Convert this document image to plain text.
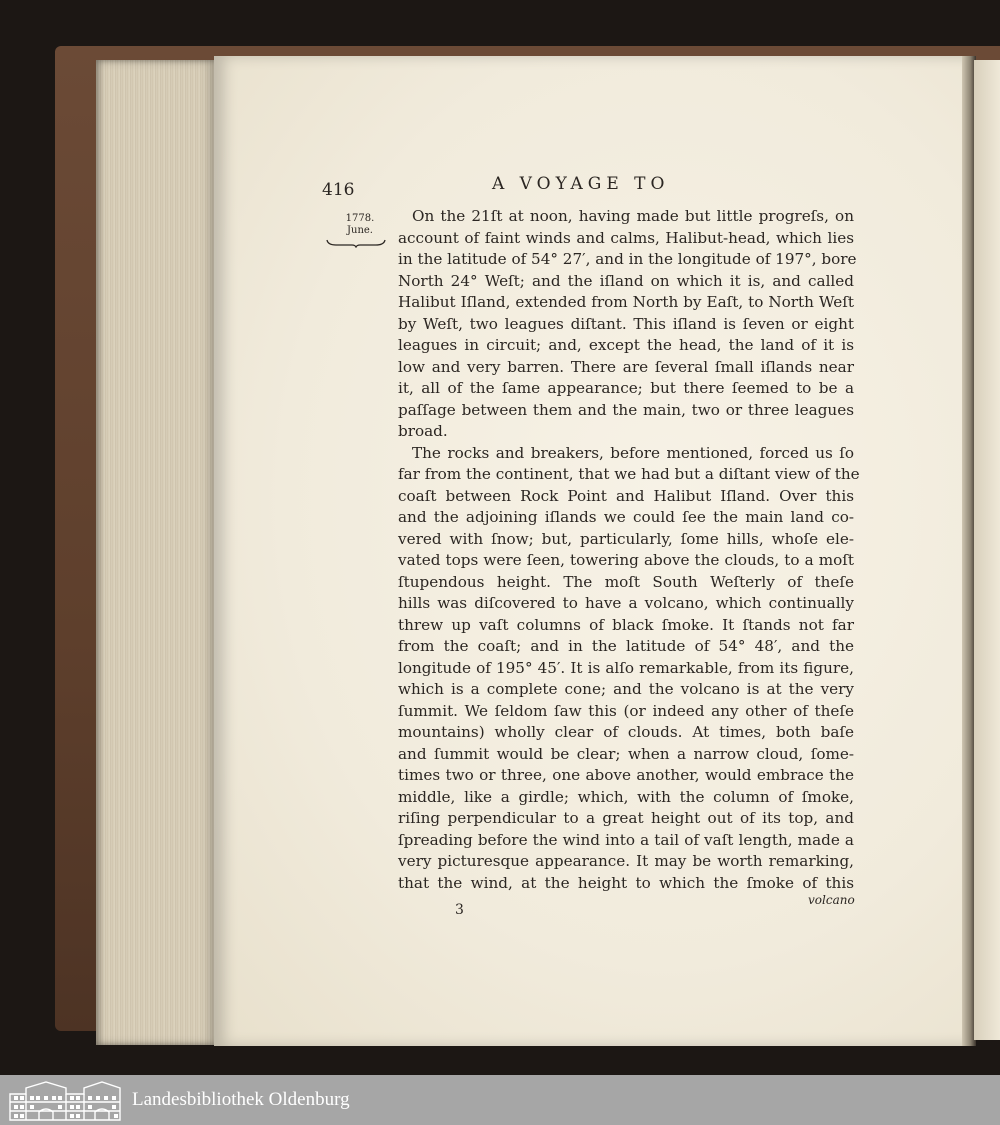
416	A VOYAGE TO
1778.
June.
On the 21ſt at noon, having made but little progreſs, on
account of faint winds and calms, Halibut-head, which lies
in the latitude of 54° 27′, and in the longitude of 197°, bore
North 24° Weſt; and the iſland on which it is, and called
Halibut Iſland, extended from North by Eaſt, to North Weſt
by Weſt, two leagues diſtant. This iſland is ſeven or eight
leagues in circuit; and, except the head, the land of it is
low and very barren. There are ſeveral ſmall iſlands near
it, all of the ſame appearance; but there ſeemed to be a
paſſage between them and the main, two or three leagues
broad.
The rocks and breakers, before mentioned, forced us ſo
far from the continent, that we had but a diſtant view of the
coaſt between Rock Point and Halibut Iſland. Over this
and the adjoining iſlands we could ſee the main land co-
vered with ſnow; but, particularly, ſome hills, whoſe ele-
vated tops were ſeen, towering above the clouds, to a moſt
ſtupendous height. The moſt South Weſterly of theſe
hills was diſcovered to have a volcano, which continually
threw up vaſt columns of black ſmoke. It ſtands not far
from the coaſt; and in the latitude of 54° 48′, and the
longitude of 195° 45′. It is alſo remarkable, from its figure,
which is a complete cone; and the volcano is at the very
ſummit. We ſeldom ſaw this (or indeed any other of theſe
mountains) wholly clear of clouds. At times, both baſe
and ſummit would be clear; when a narrow cloud, ſome-
times two or three, one above another, would embrace the
middle, like a girdle; which, with the column of ſmoke,
riſing perpendicular to a great height out of its top, and
ſpreading before the wind into a tail of vaſt length, made a
very picturesque appearance. It may be worth remarking,
that the wind, at the height to which the ſmoke of this
3
volcano
Landesbibliothek Oldenburg
